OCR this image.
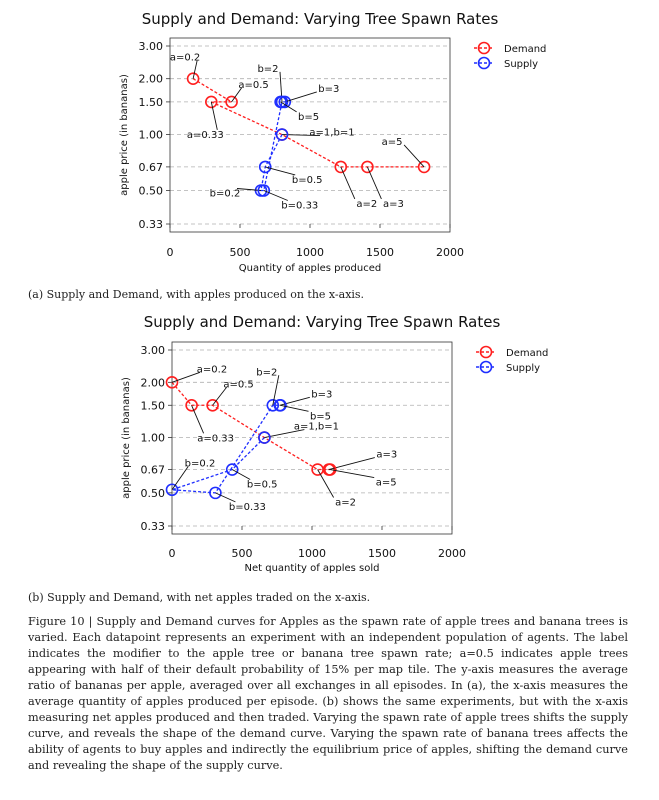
Supply and Demand: Varying Tree Spawn Rates
0.33
0.50
0.67
1.00
1.50
2.00
3.00
0	500	1000	1500	2000
Quantity of apples produced
apple price (in bananas)
a=0.2
a=0.5
a=0.33	a=1,b=1
a=2 a=3
a=5
b=0.5
b=0.2
b=0.33
b=2
b=3
b=5
Demand
Supply
(a) Supply and Demand, with apples produced on the x-axis.
Supply and Demand: Varying Tree Spawn Rates
0.33
0.50
0.67
1.00
1.50
2.00
3.00
0	500	1000	1500	2000
Net quantity of apples sold
apple price (in bananas)
a=0.2
a=0.33
a=0.5
a=1,b=1
a=2
a=3
a=5
b=0.5
b=0.2
b=0.33
b=2
b=3
b=5
Demand
Supply
(b) Supply and Demand, with net apples traded on the x-axis.
Figure 10 | Supply and Demand curves for Apples as the spawn rate of apple trees and banana trees is varied. Each datapoint represents an experiment with an independent population of agents. The label indicates the modifier to the apple tree or banana tree spawn rate; a=0.5 indicates apple trees appearing with half of their default probability of 15% per map tile. The y-axis measures the average ratio of bananas per apple, averaged over all exchanges in all episodes. In (a), the x-axis measures the average quantity of apples produced per episode. (b) shows the same experiments, but with the x-axis measuring net apples produced and then traded. Varying the spawn rate of apple trees shifts the supply curve, and reveals the shape of the demand curve. Varying the spawn rate of banana trees affects the ability of agents to buy apples and indirectly the equilibrium price of apples, shifting the demand curve and revealing the shape of the supply curve.
